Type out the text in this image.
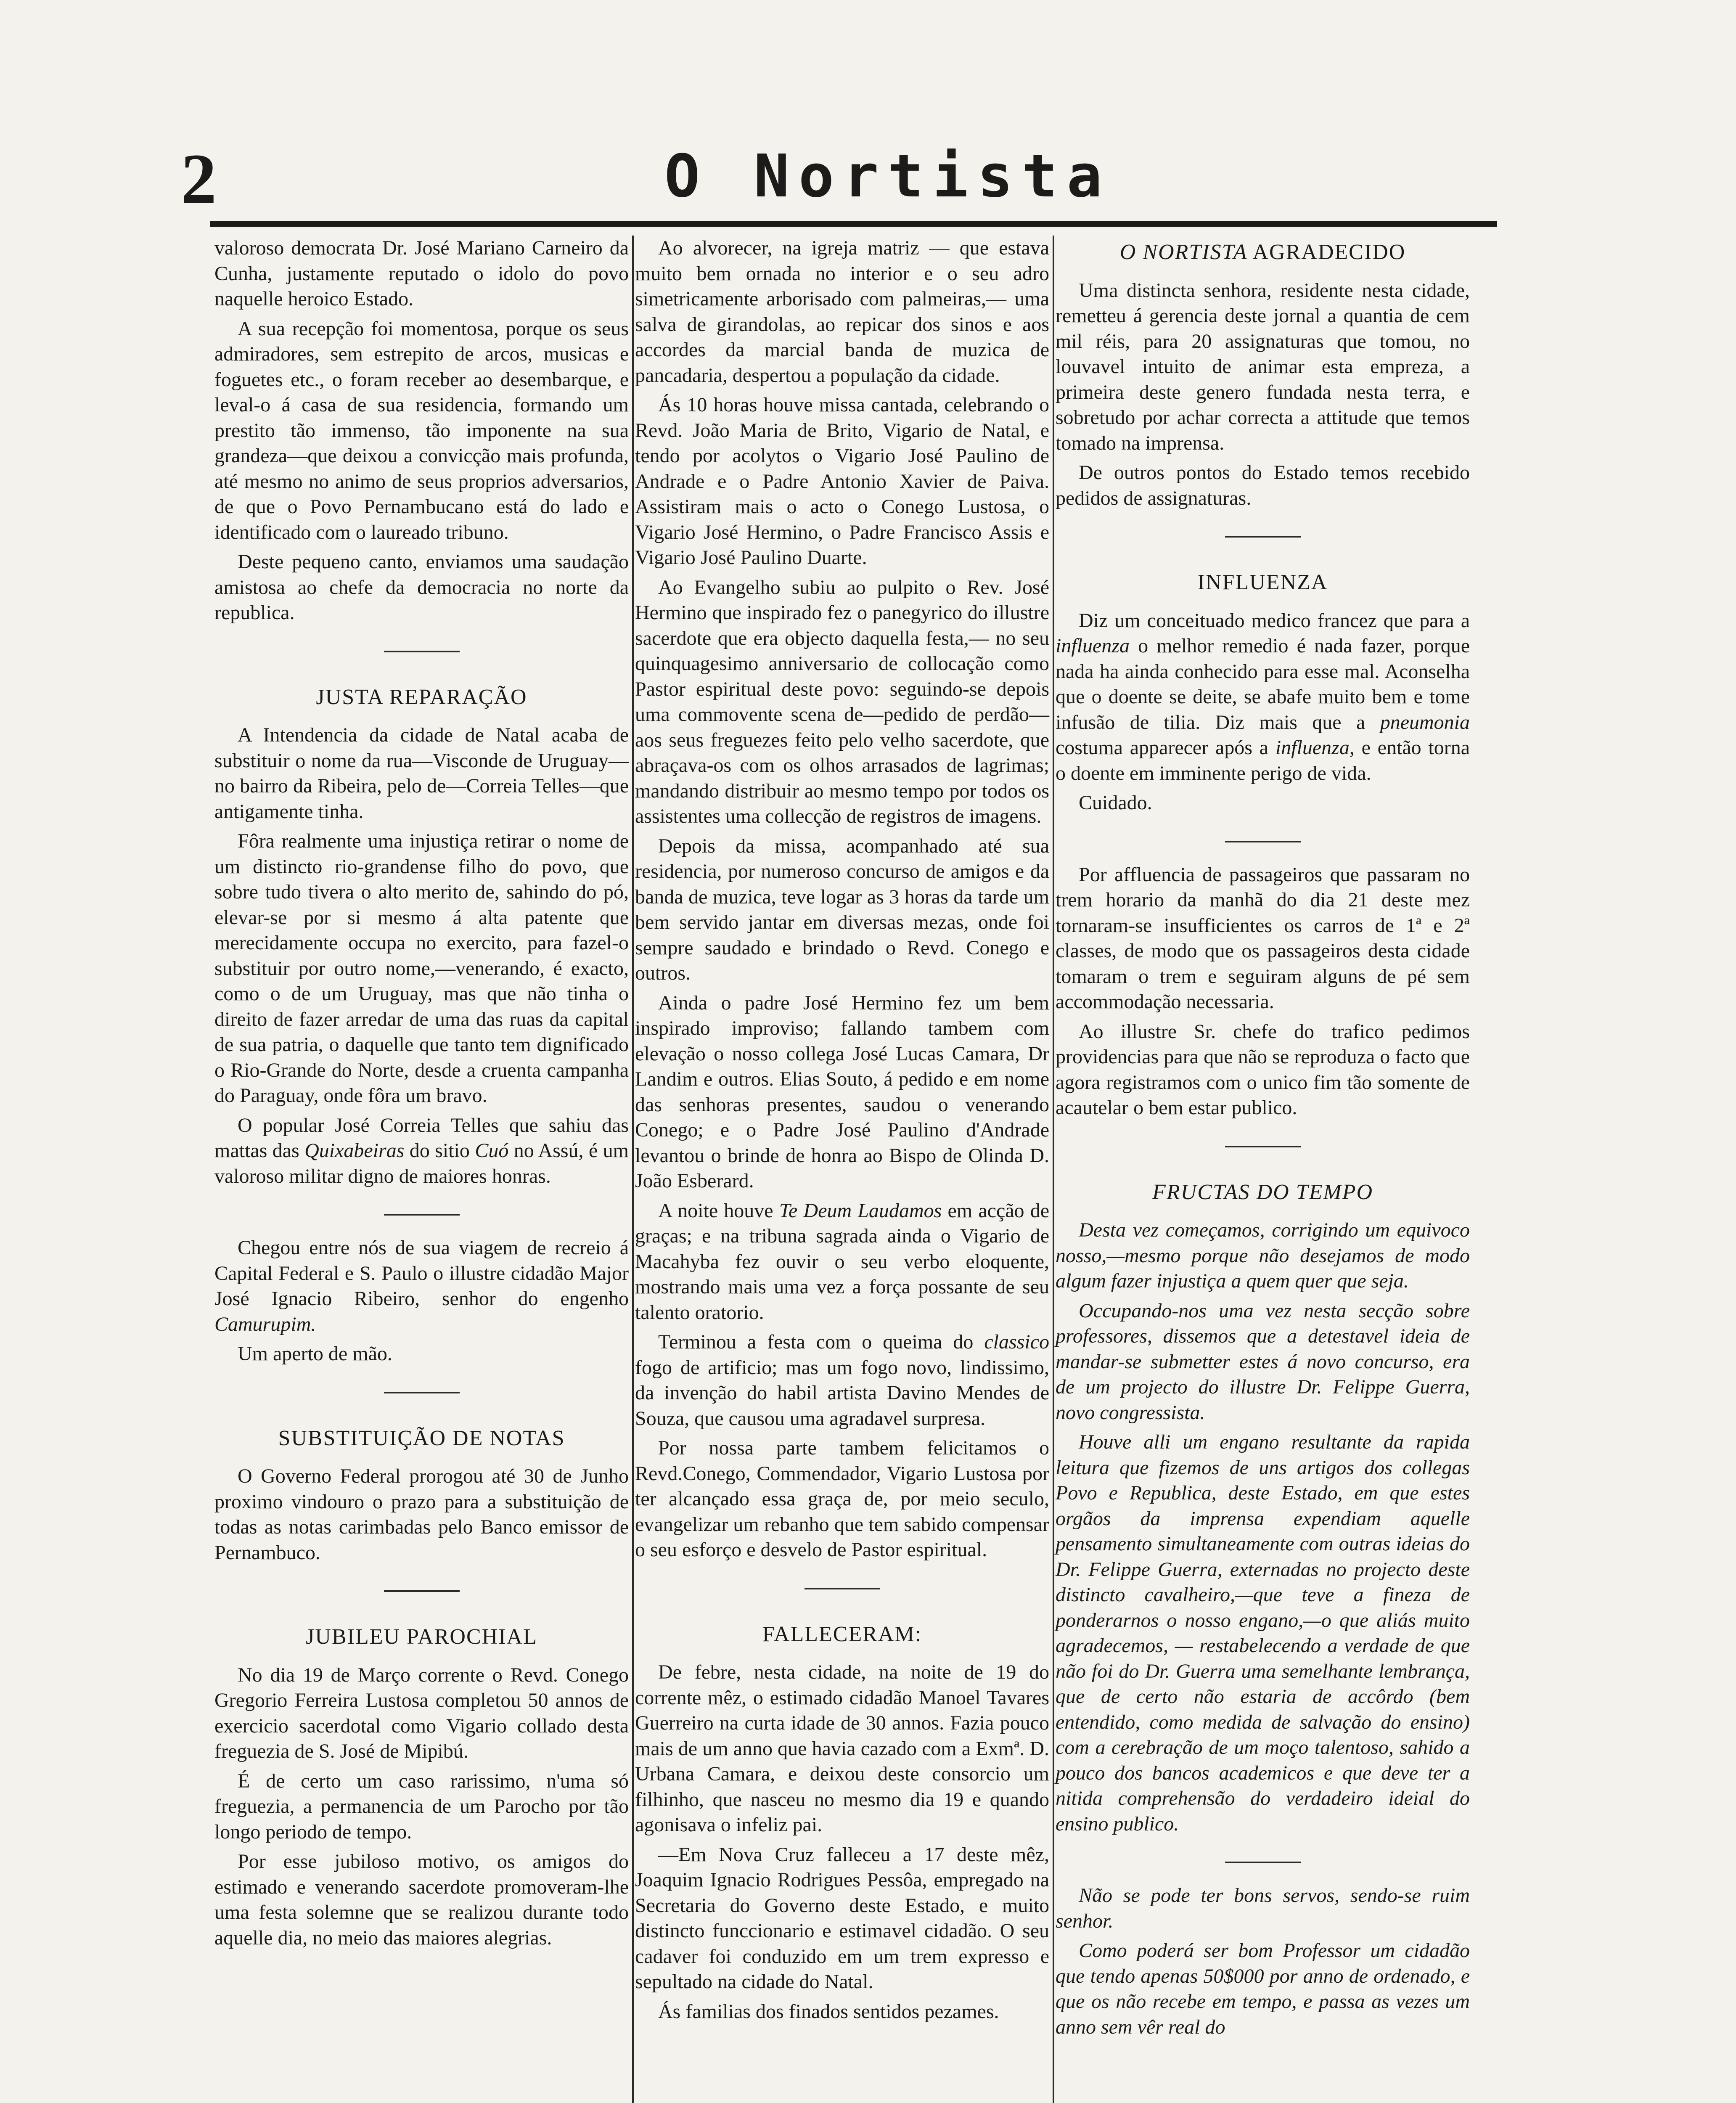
2	O Nortista

valoroso democrata Dr. José Mariano Carneiro da Cunha, justamente reputado o idolo do povo naquelle heroico Estado.

A sua recepção foi momentosa, porque os seus admiradores, sem estrepito de arcos, musicas e foguetes etc., o foram receber ao desembarque, e leval-o á casa de sua residencia, formando um prestito tão immenso, tão imponente na sua grandeza—que deixou a convicção mais profunda, até mesmo no animo de seus proprios adversarios, de que o Povo Pernambucano está do lado e identificado com o laureado tribuno.

Deste pequeno canto, enviamos uma saudação amistosa ao chefe da democracia no norte da republica.

JUSTA REPARAÇÃO

A Intendencia da cidade de Natal acaba de substituir o nome da rua—Visconde de Uruguay—no bairro da Ribeira, pelo de—Correia Telles—que antigamente tinha.

Fôra realmente uma injustiça retirar o nome de um distincto rio-grandense filho do povo, que sobre tudo tivera o alto merito de, sahindo do pó, elevar-se por si mesmo á alta patente que merecidamente occupa no exercito, para fazel-o substituir por outro nome,—venerando, é exacto, como o de um Uruguay, mas que não tinha o direito de fazer arredar de uma das ruas da capital de sua patria, o daquelle que tanto tem dignificado o Rio-Grande do Norte, desde a cruenta campanha do Paraguay, onde fôra um bravo.

O popular José Correia Telles que sahiu das mattas das Quixabeiras do sitio Cuó no Assú, é um valoroso militar digno de maiores honras.

Chegou entre nós de sua viagem de recreio á Capital Federal e S. Paulo o illustre cidadão Major José Ignacio Ribeiro, senhor do engenho Camurupim.

Um aperto de mão.

SUBSTITUIÇÃO DE NOTAS

O Governo Federal prorogou até 30 de Junho proximo vindouro o prazo para a substituição de todas as notas carimbadas pelo Banco emissor de Pernambuco.

JUBILEU PAROCHIAL

No dia 19 de Março corrente o Revd. Conego Gregorio Ferreira Lustosa completou 50 annos de exercicio sacerdotal como Vigario collado desta freguezia de S. José de Mipibú.

É de certo um caso rarissimo, n'uma só freguezia, a permanencia de um Parocho por tão longo periodo de tempo.

Por esse jubiloso motivo, os amigos do estimado e venerando sacerdote promoveram-lhe uma festa solemne que se realizou durante todo aquelle dia, no meio das maiores alegrias.

Ao alvorecer, na igreja matriz — que estava muito bem ornada no interior e o seu adro simetricamente arborisado com palmeiras,— uma salva de girandolas, ao repicar dos sinos e aos accordes da marcial banda de muzica de pancadaria, despertou a população da cidade.

Ás 10 horas houve missa cantada, celebrando o Revd. João Maria de Brito, Vigario de Natal, e tendo por acolytos o Vigario José Paulino de Andrade e o Padre Antonio Xavier de Paiva. Assistiram mais o acto o Conego Lustosa, o Vigario José Hermino, o Padre Francisco Assis e Vigario José Paulino Duarte.

Ao Evangelho subiu ao pulpito o Rev. José Hermino que inspirado fez o panegyrico do illustre sacerdote que era objecto daquella festa,— no seu quinquagesimo anniversario de collocação como Pastor espiritual deste povo: seguindo-se depois uma commovente scena de—pedido de perdão— aos seus freguezes feito pelo velho sacerdote, que abraçava-os com os olhos arrasados de lagrimas; mandando distribuir ao mesmo tempo por todos os assistentes uma collecção de registros de imagens.

Depois da missa, acompanhado até sua residencia, por numeroso concurso de amigos e da banda de muzica, teve logar as 3 horas da tarde um bem servido jantar em diversas mezas, onde foi sempre saudado e brindado o Revd. Conego e outros.

Ainda o padre José Hermino fez um bem inspirado improviso; fallando tambem com elevação o nosso collega José Lucas Camara, Dr Landim e outros. Elias Souto, á pedido e em nome das senhoras presentes, saudou o venerando Conego; e o Padre José Paulino d'Andrade levantou o brinde de honra ao Bispo de Olinda D. João Esberard.

A noite houve Te Deum Laudamos em acção de graças; e na tribuna sagrada ainda o Vigario de Macahyba fez ouvir o seu verbo eloquente, mostrando mais uma vez a força possante de seu talento oratorio.

Terminou a festa com o queima do classico fogo de artificio; mas um fogo novo, lindissimo, da invenção do habil artista Davino Mendes de Souza, que causou uma agradavel surpresa.

Por nossa parte tambem felicitamos o Revd.Conego, Commendador, Vigario Lustosa por ter alcançado essa graça de, por meio seculo, evangelizar um rebanho que tem sabido compensar o seu esforço e desvelo de Pastor espiritual.

FALLECERAM:

De febre, nesta cidade, na noite de 19 do corrente mêz, o estimado cidadão Manoel Tavares Guerreiro na curta idade de 30 annos. Fazia pouco mais de um anno que havia cazado com a Exmª. D. Urbana Camara, e deixou deste consorcio um filhinho, que nasceu no mesmo dia 19 e quando agonisava o infeliz pai.

—Em Nova Cruz falleceu a 17 deste mêz, Joaquim Ignacio Rodrigues Pessôa, empregado na Secretaria do Governo deste Estado, e muito distincto funccionario e estimavel cidadão. O seu cadaver foi conduzido em um trem expresso e sepultado na cidade do Natal.

Ás familias dos finados sentidos pezames.

O NORTISTA AGRADECIDO

Uma distincta senhora, residente nesta cidade, remetteu á gerencia deste jornal a quantia de cem mil réis, para 20 assignaturas que tomou, no louvavel intuito de animar esta empreza, a primeira deste genero fundada nesta terra, e sobretudo por achar correcta a attitude que temos tomado na imprensa.

De outros pontos do Estado temos recebido pedidos de assignaturas.

INFLUENZA

Diz um conceituado medico francez que para a influenza o melhor remedio é nada fazer, porque nada ha ainda conhecido para esse mal. Aconselha que o doente se deite, se abafe muito bem e tome infusão de tilia. Diz mais que a pneumonia costuma apparecer após a influenza, e então torna o doente em imminente perigo de vida.

Cuidado.

Por affluencia de passageiros que passaram no trem horario da manhã do dia 21 deste mez tornaram-se insufficientes os carros de 1ª e 2ª classes, de modo que os passageiros desta cidade tomaram o trem e seguiram alguns de pé sem accommodação necessaria.

Ao illustre Sr. chefe do trafico pedimos providencias para que não se reproduza o facto que agora registramos com o unico fim tão somente de acautelar o bem estar publico.

FRUCTAS DO TEMPO

Desta vez começamos, corrigindo um equivoco nosso,—mesmo porque não desejamos de modo algum fazer injustiça a quem quer que seja.

Occupando-nos uma vez nesta secção sobre professores, dissemos que a detestavel ideia de mandar-se submetter estes á novo concurso, era de um projecto do illustre Dr. Felippe Guerra, novo congressista.

Houve alli um engano resultante da rapida leitura que fizemos de uns artigos dos collegas Povo e Republica, deste Estado, em que estes orgãos da imprensa expendiam aquelle pensamento simultaneamente com outras ideias do Dr. Felippe Guerra, externadas no projecto deste distincto cavalheiro,—que teve a fineza de ponderarnos o nosso engano,—o que aliás muito agradecemos, — restabelecendo a verdade de que não foi do Dr. Guerra uma semelhante lembrança, que de certo não estaria de accôrdo (bem entendido, como medida de salvação do ensino) com a cerebração de um moço talentoso, sahido a pouco dos bancos academicos e que deve ter a nitida comprehensão do verdadeiro ideial do ensino publico.

Não se pode ter bons servos, sendo-se ruim senhor.

Como poderá ser bom Professor um cidadão que tendo apenas 50$000 por anno de ordenado, e que os não recebe em tempo, e passa as vezes um anno sem vêr real do
